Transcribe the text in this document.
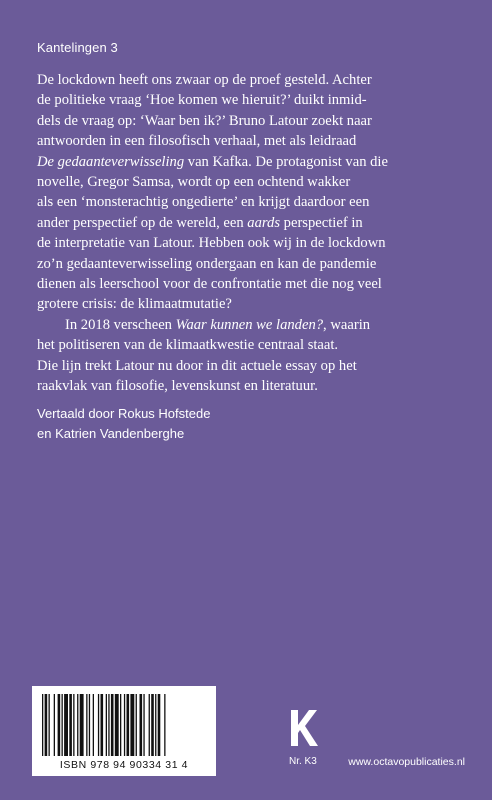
Kantelingen 3
De lockdown heeft ons zwaar op de proef gesteld. Achter
de politieke vraag ‘Hoe komen we hieruit?’ duikt inmid-
dels de vraag op: ‘Waar ben ik?’ Bruno Latour zoekt naar
antwoorden in een filosofisch verhaal, met als leidraad
De gedaanteverwisseling van Kafka. De protagonist van die
novelle, Gregor Samsa, wordt op een ochtend wakker
als een ‘monsterachtig ongedierte’ en krijgt daardoor een
ander perspectief op de wereld, een aards perspectief in
de interpretatie van Latour. Hebben ook wij in de lockdown
zo’n gedaanteverwisseling ondergaan en kan de pandemie
dienen als leerschool voor de confrontatie met die nog veel
grotere crisis: de klimaatmutatie?
In 2018 verscheen Waar kunnen we landen?, waarin
het politiseren van de klimaatkwestie centraal staat.
Die lijn trekt Latour nu door in dit actuele essay op het
raakvlak van filosofie, levenskunst en literatuur.
Vertaald door Rokus Hofstede
en Katrien Vandenberghe
ISBN 978 94 90334 31 4	Nr. K3	www.octavopublicaties.nl
